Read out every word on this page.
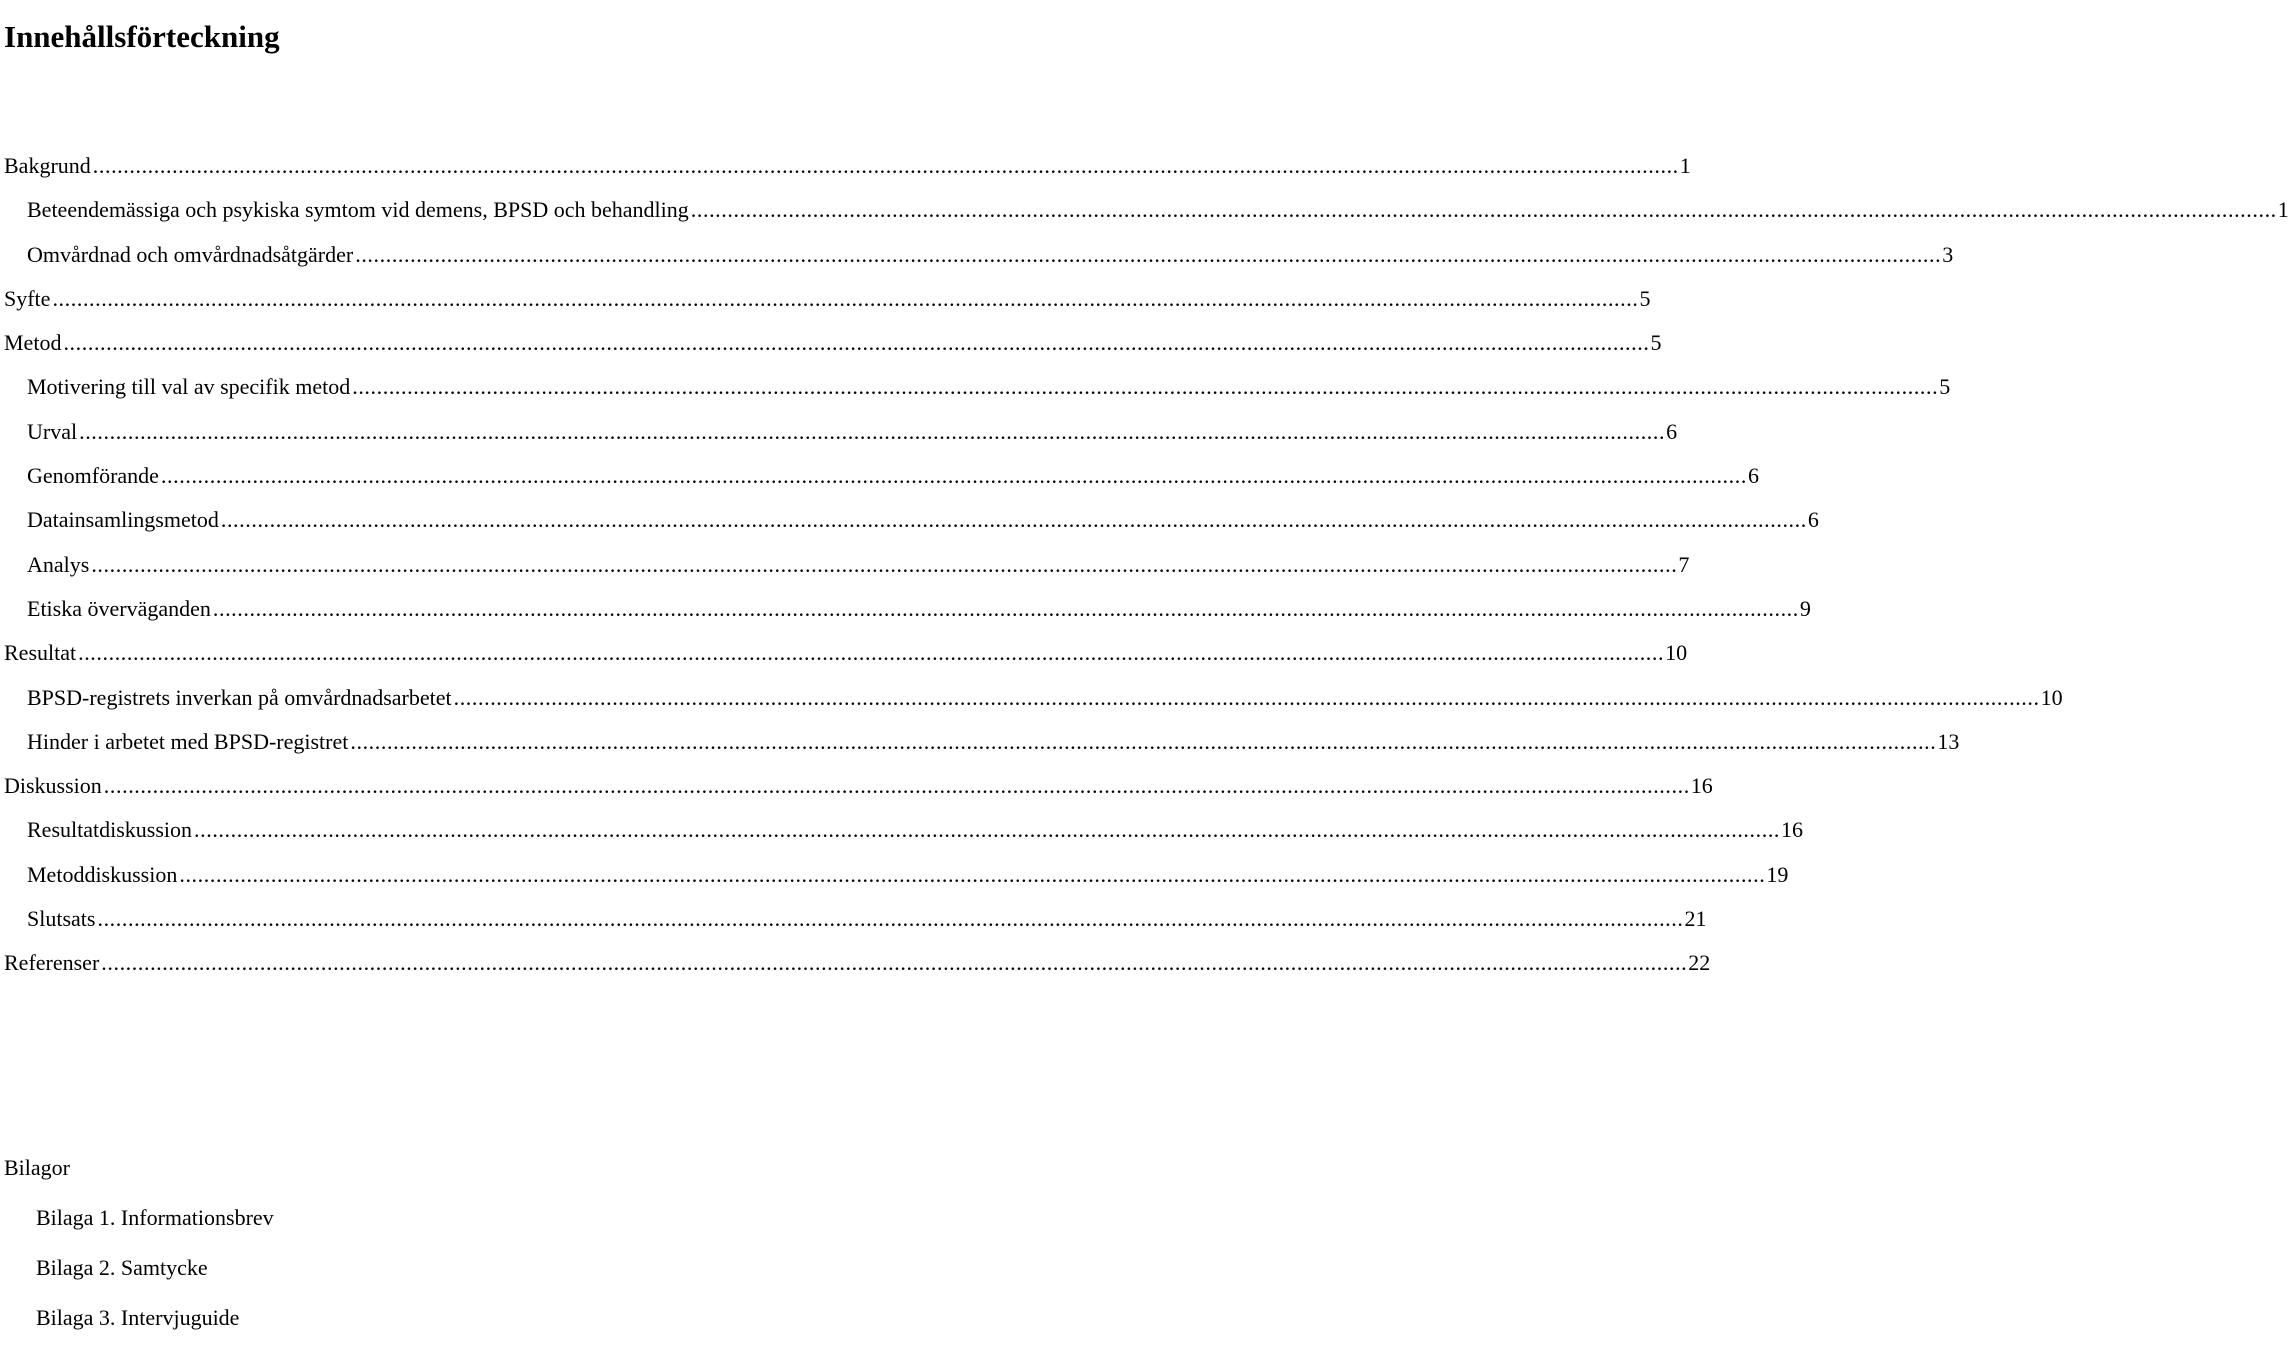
Innehållsförteckning
Bakgrund .................................................................................................................................................................................................................................................................... 1
Beteendemässiga och psykiska symtom vid demens, BPSD och behandling .................................................................................................................................................................................................................................................................... 1
Omvårdnad och omvårdnadsåtgärder .................................................................................................................................................................................................................................................................... 3
Syfte .................................................................................................................................................................................................................................................................... 5
Metod .................................................................................................................................................................................................................................................................... 5
Motivering till val av specifik metod .................................................................................................................................................................................................................................................................... 5
Urval .................................................................................................................................................................................................................................................................... 6
Genomförande .................................................................................................................................................................................................................................................................... 6
Datainsamlingsmetod .................................................................................................................................................................................................................................................................... 6
Analys .................................................................................................................................................................................................................................................................... 7
Etiska överväganden .................................................................................................................................................................................................................................................................... 9
Resultat .................................................................................................................................................................................................................................................................... 10
BPSD-registrets inverkan på omvårdnadsarbetet .................................................................................................................................................................................................................................................................... 10
Hinder i arbetet med BPSD-registret .................................................................................................................................................................................................................................................................... 13
Diskussion .................................................................................................................................................................................................................................................................... 16
Resultatdiskussion .................................................................................................................................................................................................................................................................... 16
Metoddiskussion .................................................................................................................................................................................................................................................................... 19
Slutsats .................................................................................................................................................................................................................................................................... 21
Referenser .................................................................................................................................................................................................................................................................... 22
Bilagor
Bilaga 1. Informationsbrev
Bilaga 2. Samtycke
Bilaga 3. Intervjuguide
